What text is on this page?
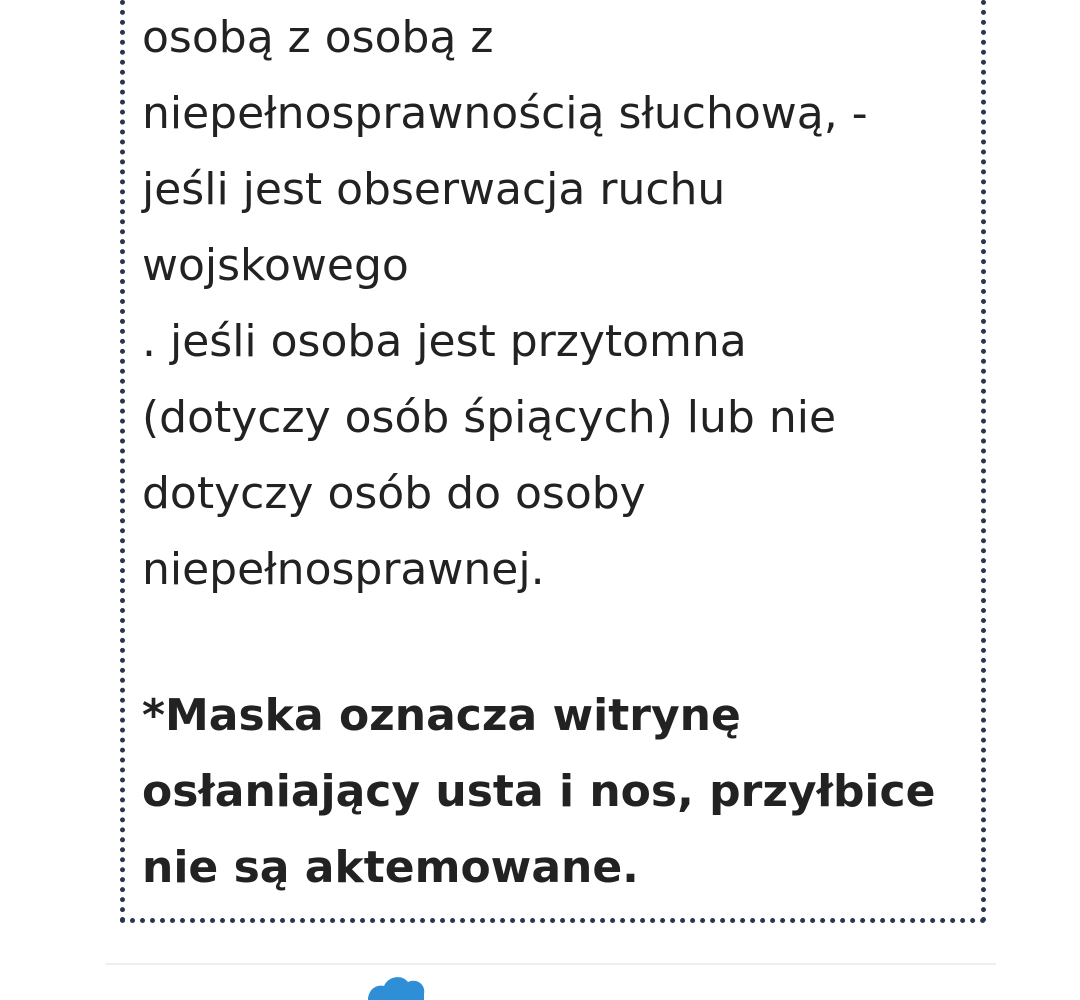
osobą z osobą z
niepełnosprawnością słuchową, -
jeśli jest obserwacja ruchu
wojskowego
. jeśli osoba jest przytomna
(dotyczy osób śpiących) lub nie
dotyczy osób do osoby
niepełnosprawnej.

*Maska oznacza witrynę
osłaniający usta i nos, przyłbice
nie są aktemowane.
